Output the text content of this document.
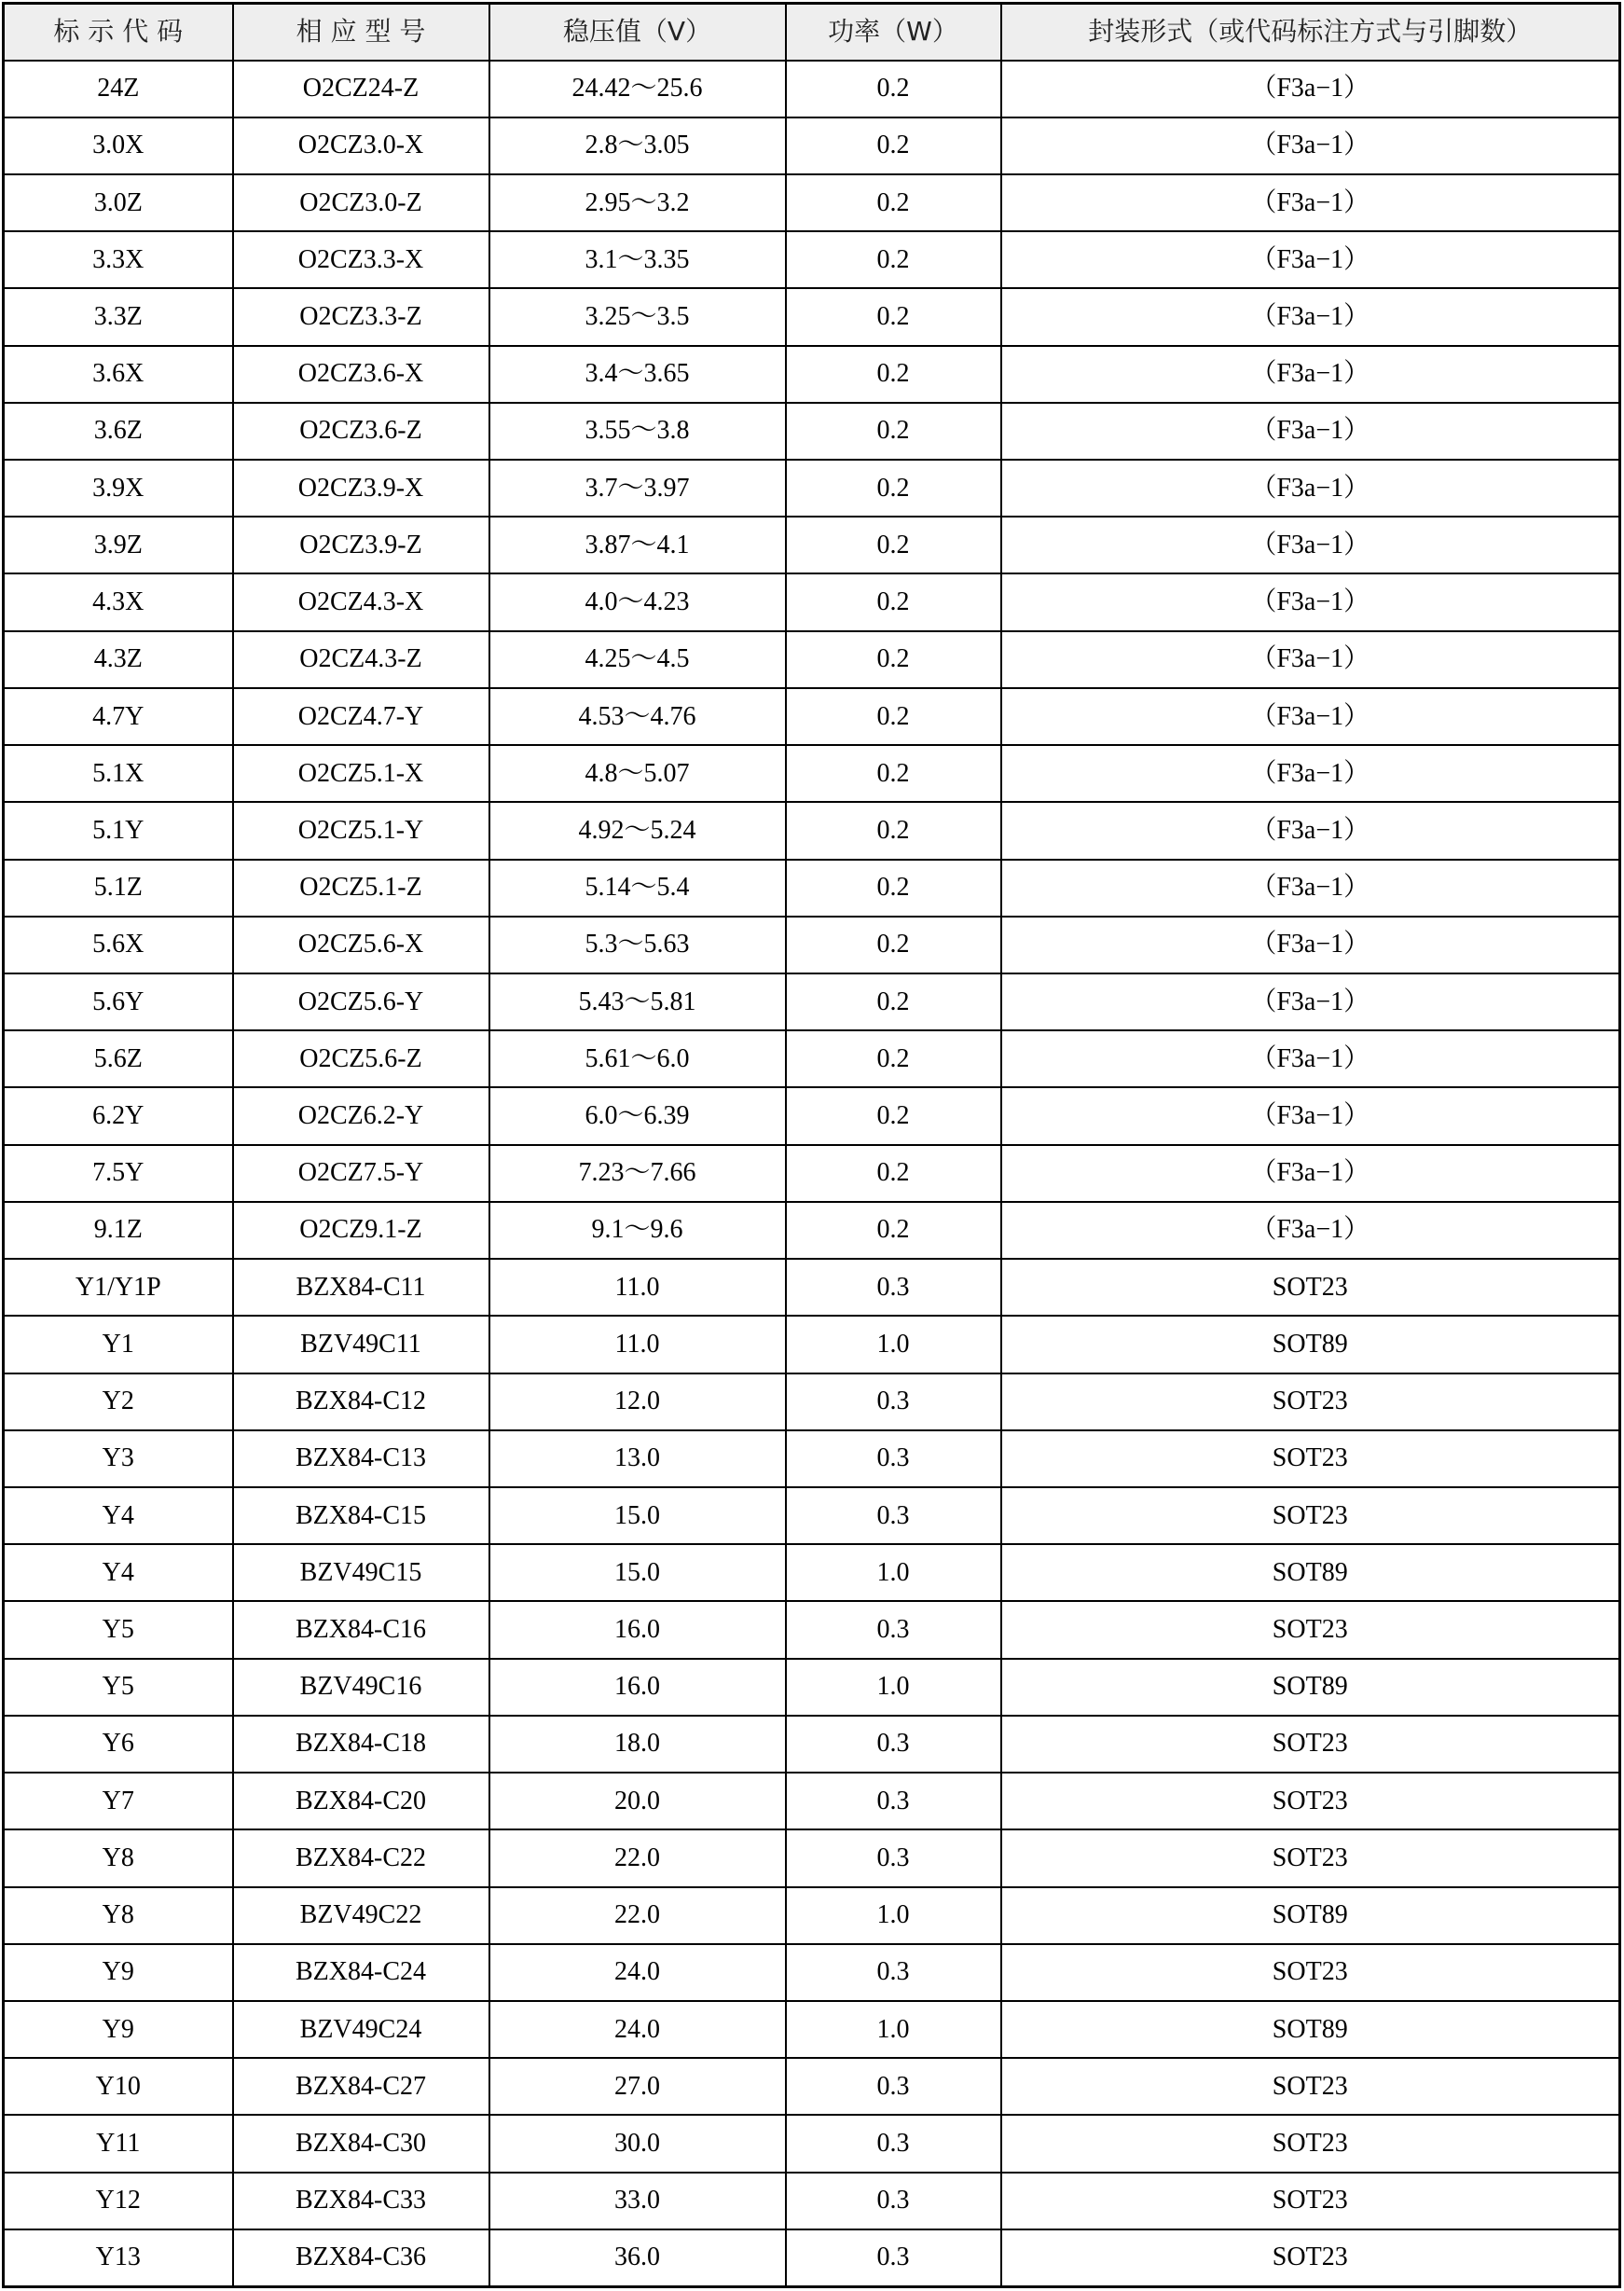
标 示 代 码	相 应 型 号	稳压值（V）	功率（W）	封装形式（或代码标注方式与引脚数）
24Z	O2CZ24-Z	24.42～25.6	0.2	（F3a−1）
3.0X	O2CZ3.0-X	2.8～3.05	0.2	（F3a−1）
3.0Z	O2CZ3.0-Z	2.95～3.2	0.2	（F3a−1）
3.3X	O2CZ3.3-X	3.1～3.35	0.2	（F3a−1）
3.3Z	O2CZ3.3-Z	3.25～3.5	0.2	（F3a−1）
3.6X	O2CZ3.6-X	3.4～3.65	0.2	（F3a−1）
3.6Z	O2CZ3.6-Z	3.55～3.8	0.2	（F3a−1）
3.9X	O2CZ3.9-X	3.7～3.97	0.2	（F3a−1）
3.9Z	O2CZ3.9-Z	3.87～4.1	0.2	（F3a−1）
4.3X	O2CZ4.3-X	4.0～4.23	0.2	（F3a−1）
4.3Z	O2CZ4.3-Z	4.25～4.5	0.2	（F3a−1）
4.7Y	O2CZ4.7-Y	4.53～4.76	0.2	（F3a−1）
5.1X	O2CZ5.1-X	4.8～5.07	0.2	（F3a−1）
5.1Y	O2CZ5.1-Y	4.92～5.24	0.2	（F3a−1）
5.1Z	O2CZ5.1-Z	5.14～5.4	0.2	（F3a−1）
5.6X	O2CZ5.6-X	5.3～5.63	0.2	（F3a−1）
5.6Y	O2CZ5.6-Y	5.43～5.81	0.2	（F3a−1）
5.6Z	O2CZ5.6-Z	5.61～6.0	0.2	（F3a−1）
6.2Y	O2CZ6.2-Y	6.0～6.39	0.2	（F3a−1）
7.5Y	O2CZ7.5-Y	7.23～7.66	0.2	（F3a−1）
9.1Z	O2CZ9.1-Z	9.1～9.6	0.2	（F3a−1）
Y1/Y1P	BZX84-C11	11.0	0.3	SOT23
Y1	BZV49C11	11.0	1.0	SOT89
Y2	BZX84-C12	12.0	0.3	SOT23
Y3	BZX84-C13	13.0	0.3	SOT23
Y4	BZX84-C15	15.0	0.3	SOT23
Y4	BZV49C15	15.0	1.0	SOT89
Y5	BZX84-C16	16.0	0.3	SOT23
Y5	BZV49C16	16.0	1.0	SOT89
Y6	BZX84-C18	18.0	0.3	SOT23
Y7	BZX84-C20	20.0	0.3	SOT23
Y8	BZX84-C22	22.0	0.3	SOT23
Y8	BZV49C22	22.0	1.0	SOT89
Y9	BZX84-C24	24.0	0.3	SOT23
Y9	BZV49C24	24.0	1.0	SOT89
Y10	BZX84-C27	27.0	0.3	SOT23
Y11	BZX84-C30	30.0	0.3	SOT23
Y12	BZX84-C33	33.0	0.3	SOT23
Y13	BZX84-C36	36.0	0.3	SOT23
